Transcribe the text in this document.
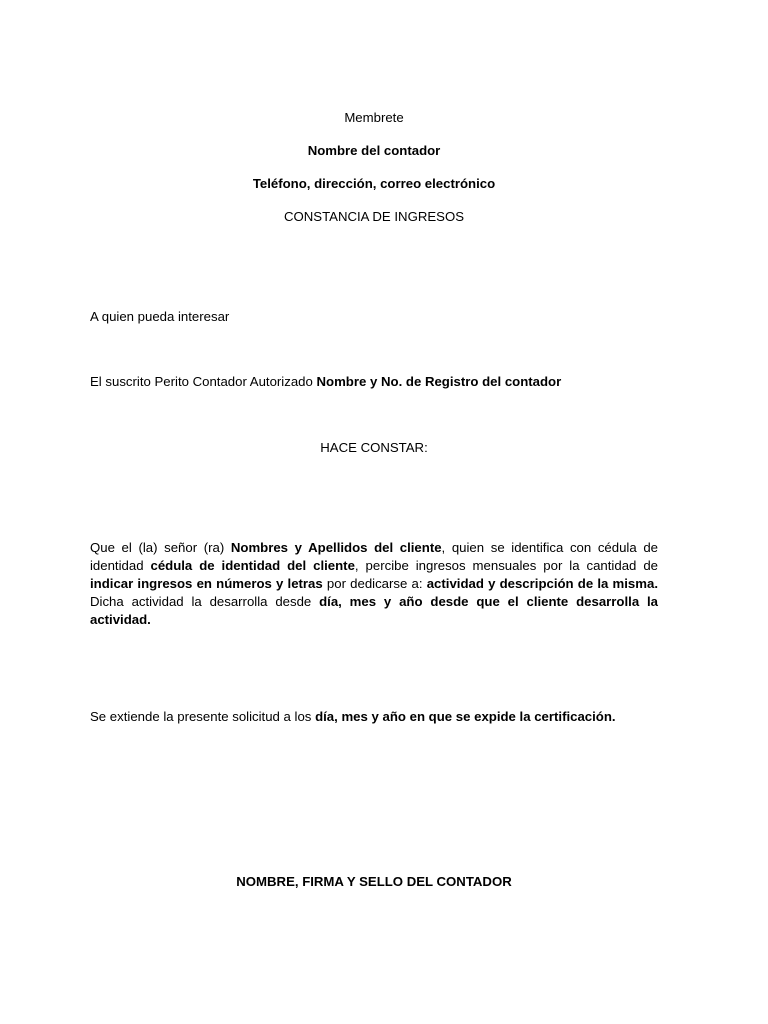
Membrete

Nombre del contador

Teléfono, dirección, correo electrónico

CONSTANCIA DE INGRESOS

A quien pueda interesar

El suscrito Perito Contador Autorizado Nombre y No. de Registro del contador

HACE CONSTAR:

Que el (la) señor (ra) Nombres y Apellidos del cliente, quien se identifica con cédula de identidad cédula de identidad del cliente, percibe ingresos mensuales por la cantidad de indicar ingresos en números y letras por dedicarse a: actividad y descripción de la misma. Dicha actividad la desarrolla desde día, mes y año desde que el cliente desarrolla la actividad.

Se extiende la presente solicitud a los día, mes y año en que se expide la certificación.

NOMBRE, FIRMA Y SELLO DEL CONTADOR
